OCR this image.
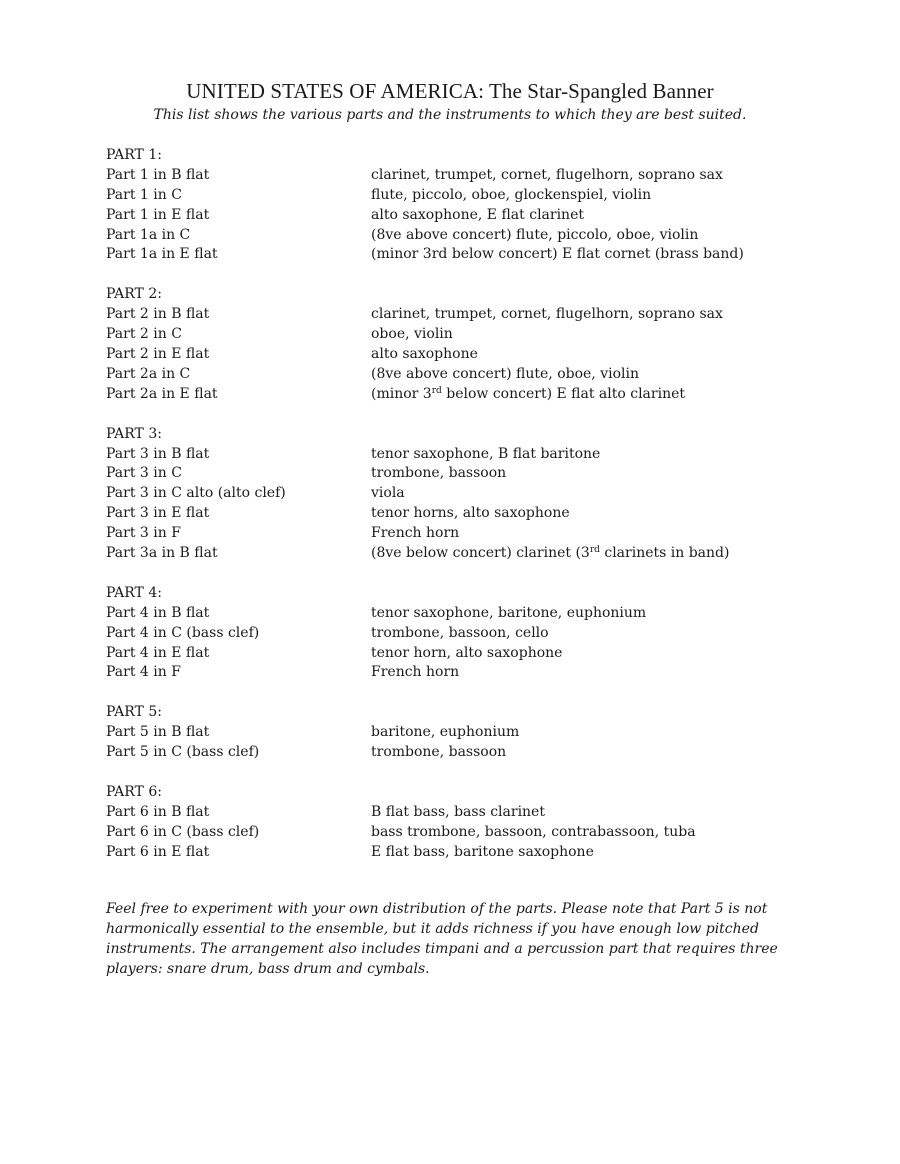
UNITED STATES OF AMERICA: The Star-Spangled Banner
This list shows the various parts and the instruments to which they are best suited.
PART 1:
Part 1 in B flat	clarinet, trumpet, cornet, flugelhorn, soprano sax
Part 1 in C	flute, piccolo, oboe, glockenspiel, violin
Part 1 in E flat	alto saxophone, E flat clarinet
Part 1a in C	(8ve above concert) flute, piccolo, oboe, violin
Part 1a in E flat	(minor 3rd below concert) E flat cornet (brass band)
PART 2:
Part 2 in B flat	clarinet, trumpet, cornet, flugelhorn, soprano sax
Part 2 in C	oboe, violin
Part 2 in E flat	alto saxophone
Part 2a in C	(8ve above concert) flute, oboe, violin
Part 2a in E flat	(minor 3rd below concert) E flat alto clarinet
PART 3:
Part 3 in B flat	tenor saxophone, B flat baritone
Part 3 in C	trombone, bassoon
Part 3 in C alto (alto clef)	viola
Part 3 in E flat	tenor horns, alto saxophone
Part 3 in F	French horn
Part 3a in B flat	(8ve below concert) clarinet (3rd clarinets in band)
PART 4:
Part 4 in B flat	tenor saxophone, baritone, euphonium
Part 4 in C (bass clef)	trombone, bassoon, cello
Part 4 in E flat	tenor horn, alto saxophone
Part 4 in F	French horn
PART 5:
Part 5 in B flat	baritone, euphonium
Part 5 in C (bass clef)	trombone, bassoon
PART 6:
Part 6 in B flat	B flat bass, bass clarinet
Part 6 in C (bass clef)	bass trombone, bassoon, contrabassoon, tuba
Part 6 in E flat	E flat bass, baritone saxophone
Feel free to experiment with your own distribution of the parts. Please note that Part 5 is not harmonically essential to the ensemble, but it adds richness if you have enough low pitched instruments. The arrangement also includes timpani and a percussion part that requires three players: snare drum, bass drum and cymbals.
